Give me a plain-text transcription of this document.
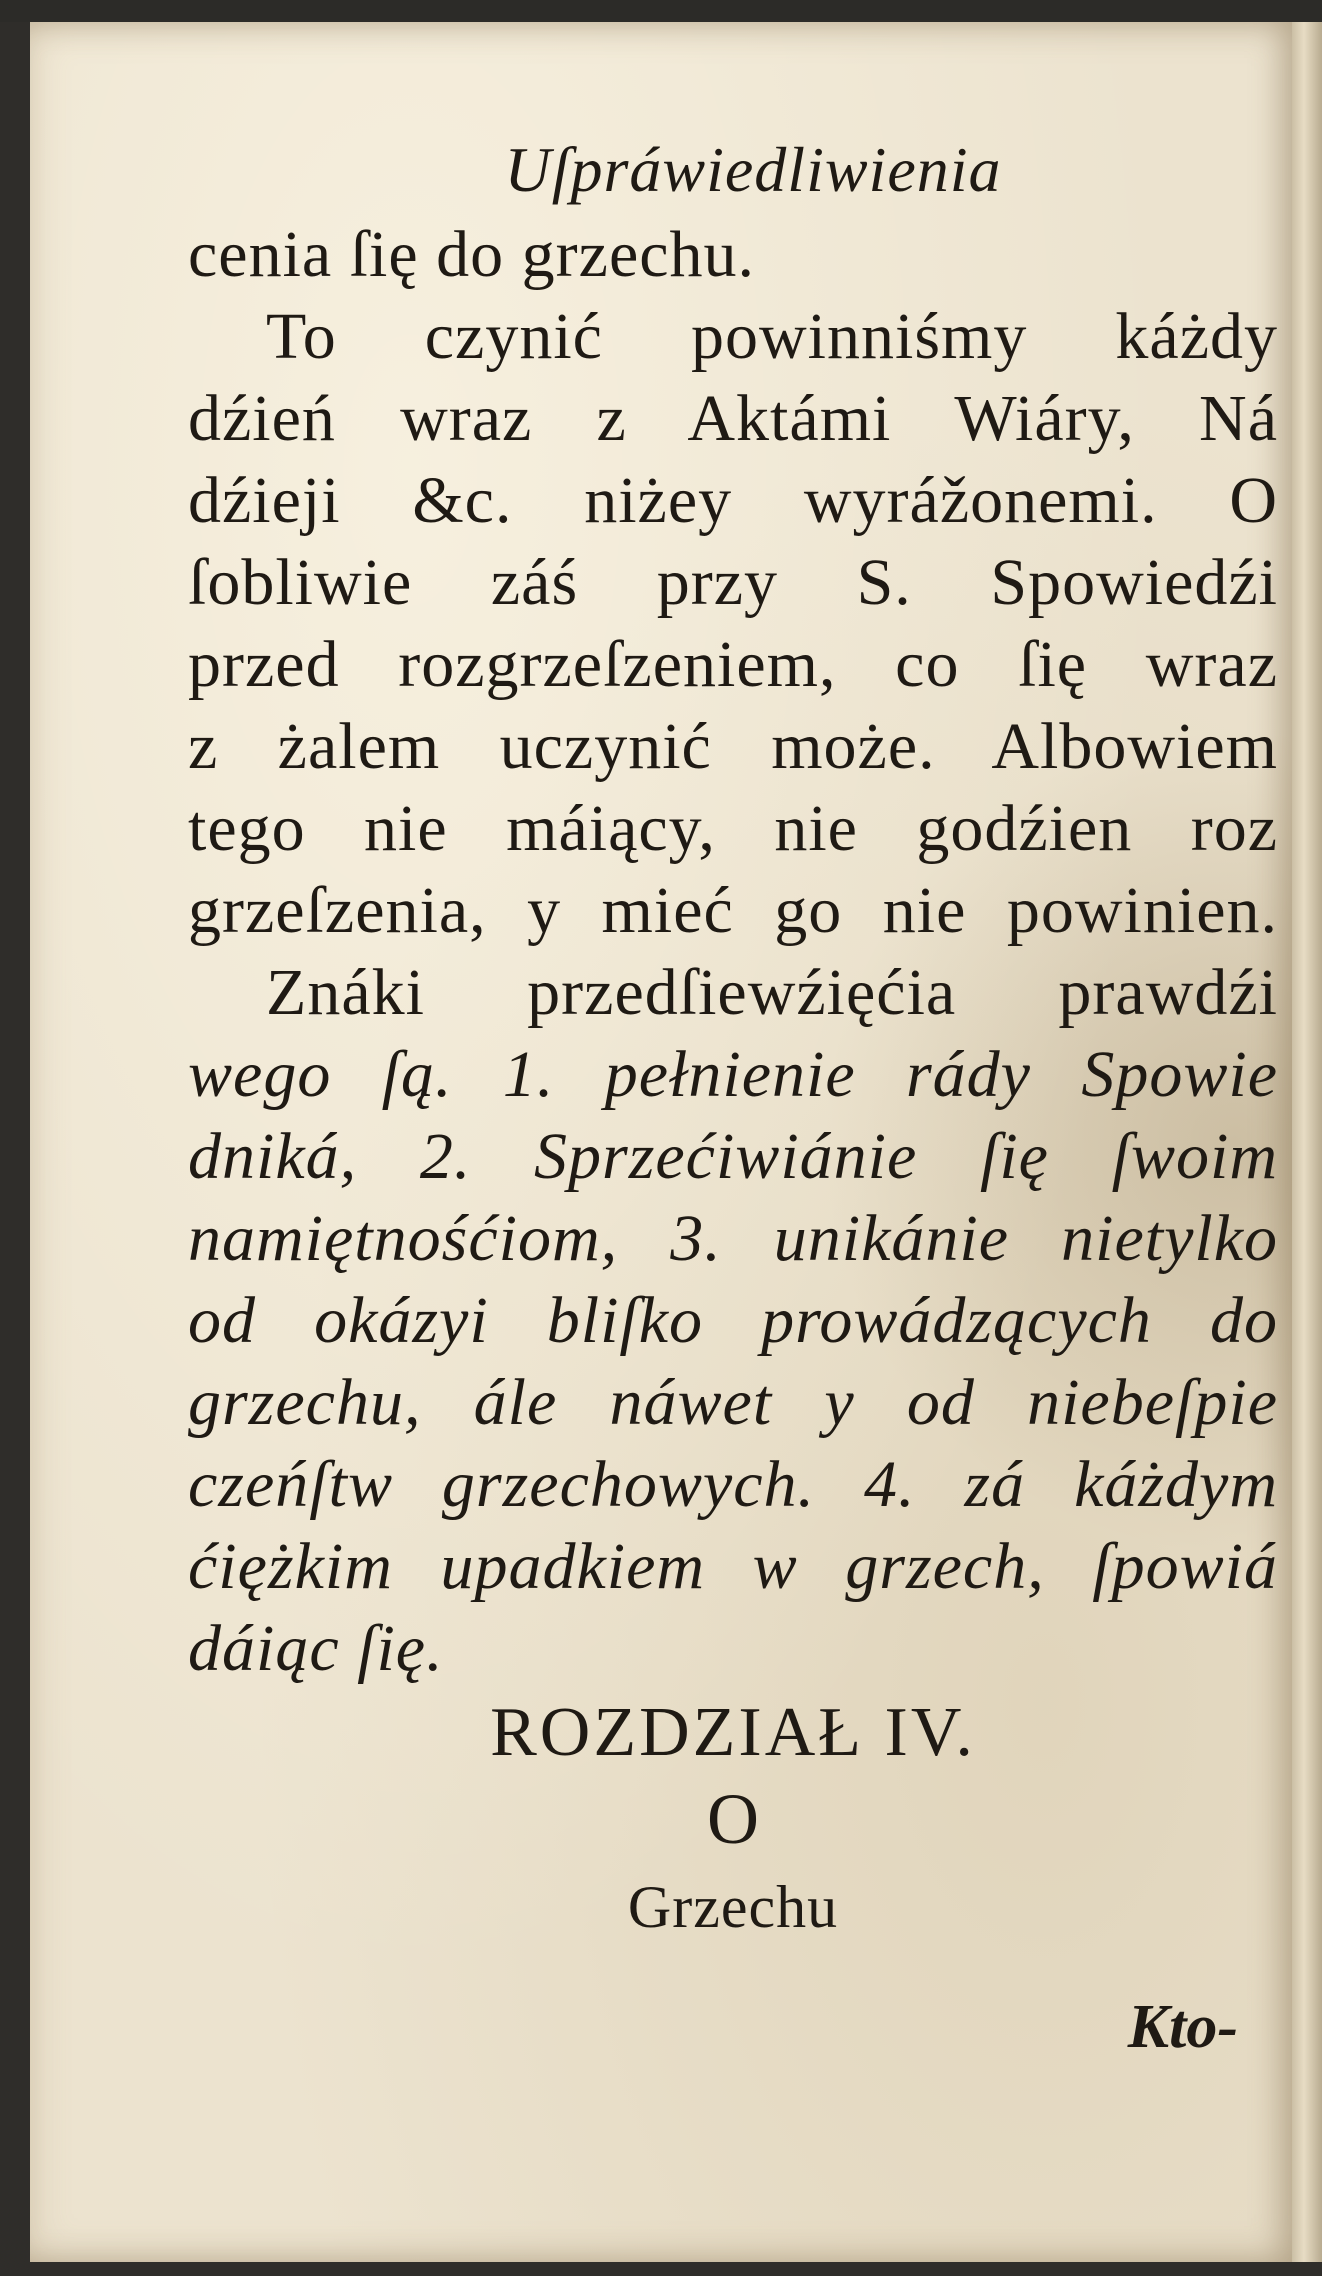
Uſpráwiedliwienia
cenia ſię do grzechu.
To czynić powinniśmy káżdy
dźień wraz z Aktámi Wiáry, Ná
dźieji &c. niżey wyrážonemi. O
ſobliwie záś przy S. Spowiedźi
przed rozgrzeſzeniem, co ſię wraz
z żalem uczynić może. Albowiem
tego nie máiący, nie godźien roz
grzeſzenia, y mieć go nie powinien.
Znáki przedſiewźięćia prawdźi
wego ſą. 1. pełnienie rády Spowie
dniká, 2. Sprzećiwiánie ſię ſwoim
namiętnośćiom, 3. unikánie nietylko
od okázyi bliſko prowádzących do
grzechu, ále náwet y od niebeſpie
czeńſtw grzechowych. 4. zá káżdym
ćiężkim upadkiem w grzech, ſpowiá
dáiąc ſię.
ROZDZIAŁ IV.
O
Grzechu
Kto-
